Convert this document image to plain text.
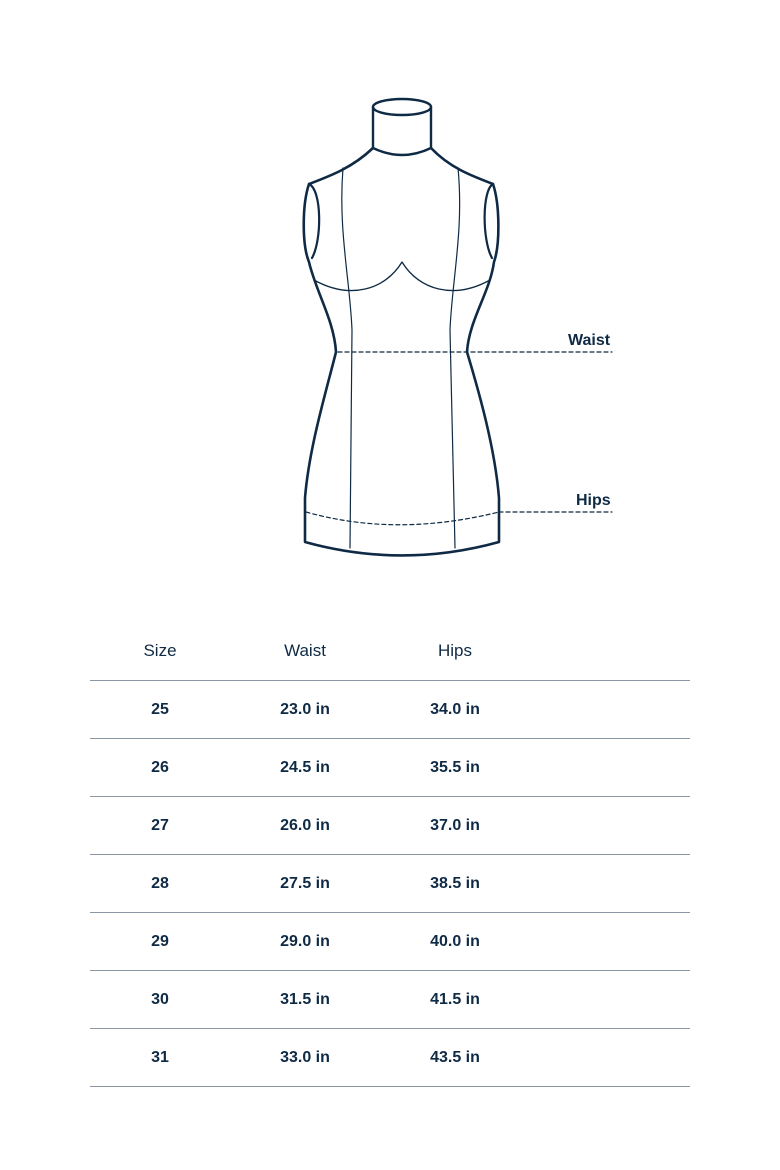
Waist
Hips
Size	Waist	Hips	
25	23.0 in	34.0 in	
26	24.5 in	35.5 in	
27	26.0 in	37.0 in	
28	27.5 in	38.5 in	
29	29.0 in	40.0 in	
30	31.5 in	41.5 in	
31	33.0 in	43.5 in	
